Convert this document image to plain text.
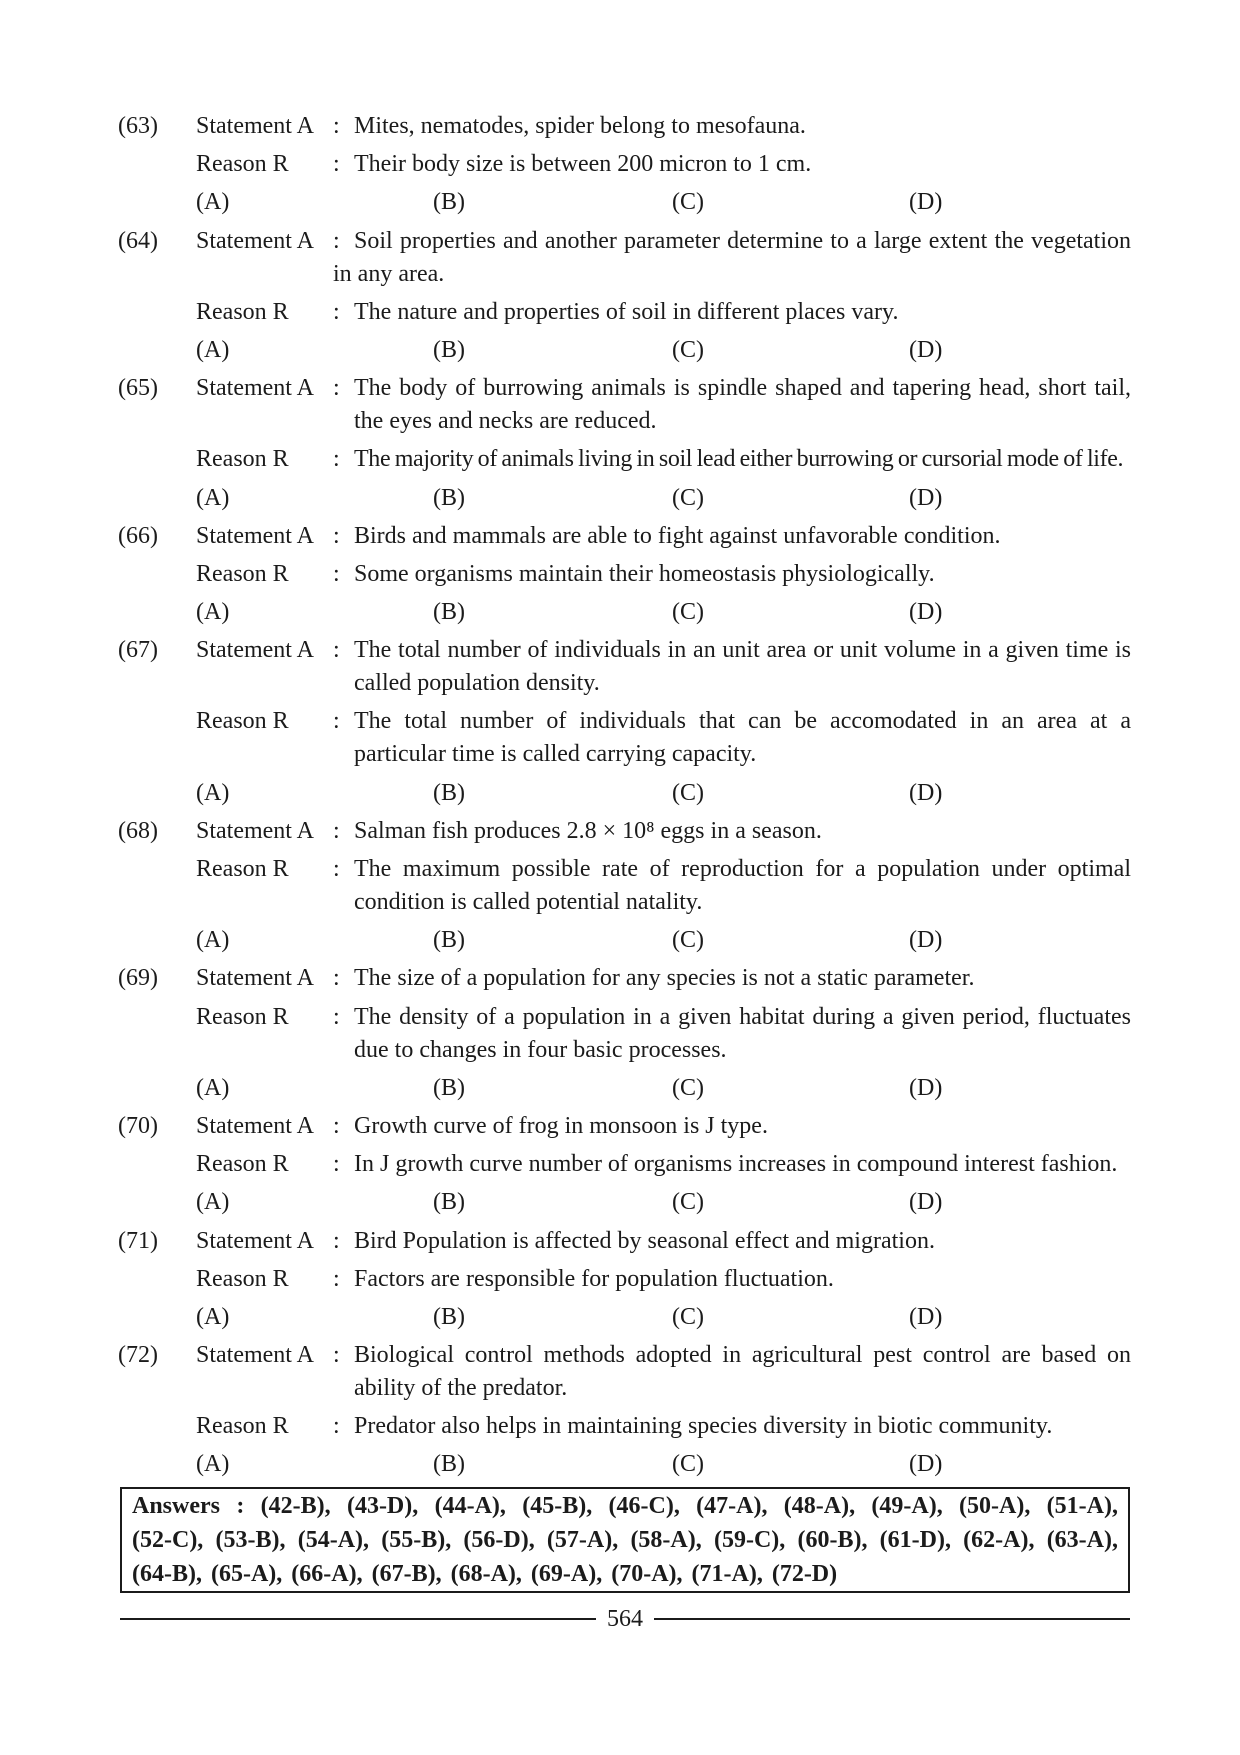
(63)	Statement A : Mites, nematodes, spider belong to mesofauna.
Reason R	: Their body size is between 200 micron to 1 cm.
(A)	(B)	(C)	(D)
(64)	Statement A : Soil properties and another parameter determine to a large extent the vegetation in any area.
Reason R	: The nature and properties of soil in different places vary.
(A)	(B)	(C)	(D)
(65)	Statement A : The body of burrowing animals is spindle shaped and tapering head, short tail, the eyes and necks are reduced.
Reason R	: The majority of animals living in soil lead either burrowing or cursorial mode of life.
(A)	(B)	(C)	(D)
(66)	Statement A : Birds and mammals are able to fight against unfavorable condition.
Reason R	: Some organisms maintain their homeostasis physiologically.
(A)	(B)	(C)	(D)
(67)	Statement A : The total number of individuals in an unit area or unit volume in a given time is called population density.
Reason R	: The total number of individuals that can be accomodated in an area at a particular time is called carrying capacity.
(A)	(B)	(C)	(D)
(68)	Statement A : Salman fish produces 2.8 × 10⁸ eggs in a season.
Reason R	: The maximum possible rate of reproduction for a population under optimal condition is called potential natality.
(A)	(B)	(C)	(D)
(69)	Statement A : The size of a population for any species is not a static parameter.
Reason R	: The density of a population in a given habitat during a given period, fluctuates due to changes in four basic processes.
(A)	(B)	(C)	(D)
(70)	Statement A : Growth curve of frog in monsoon is J type.
Reason R	: In J growth curve number of organisms increases in compound interest fashion.
(A)	(B)	(C)	(D)
(71)	Statement A : Bird Population is affected by seasonal effect and migration.
Reason R	: Factors are responsible for population fluctuation.
(A)	(B)	(C)	(D)
(72)	Statement A : Biological control methods adopted in agricultural pest control are based on ability of the predator.
Reason R	: Predator also helps in maintaining species diversity in biotic community.
(A)	(B)	(C)	(D)
Answers : (42-B), (43-D), (44-A), (45-B), (46-C), (47-A), (48-A), (49-A), (50-A), (51-A),
(52-C), (53-B), (54-A), (55-B), (56-D), (57-A), (58-A), (59-C), (60-B), (61-D), (62-A), (63-A),
(64-B), (65-A), (66-A), (67-B), (68-A), (69-A), (70-A), (71-A), (72-D)
564
